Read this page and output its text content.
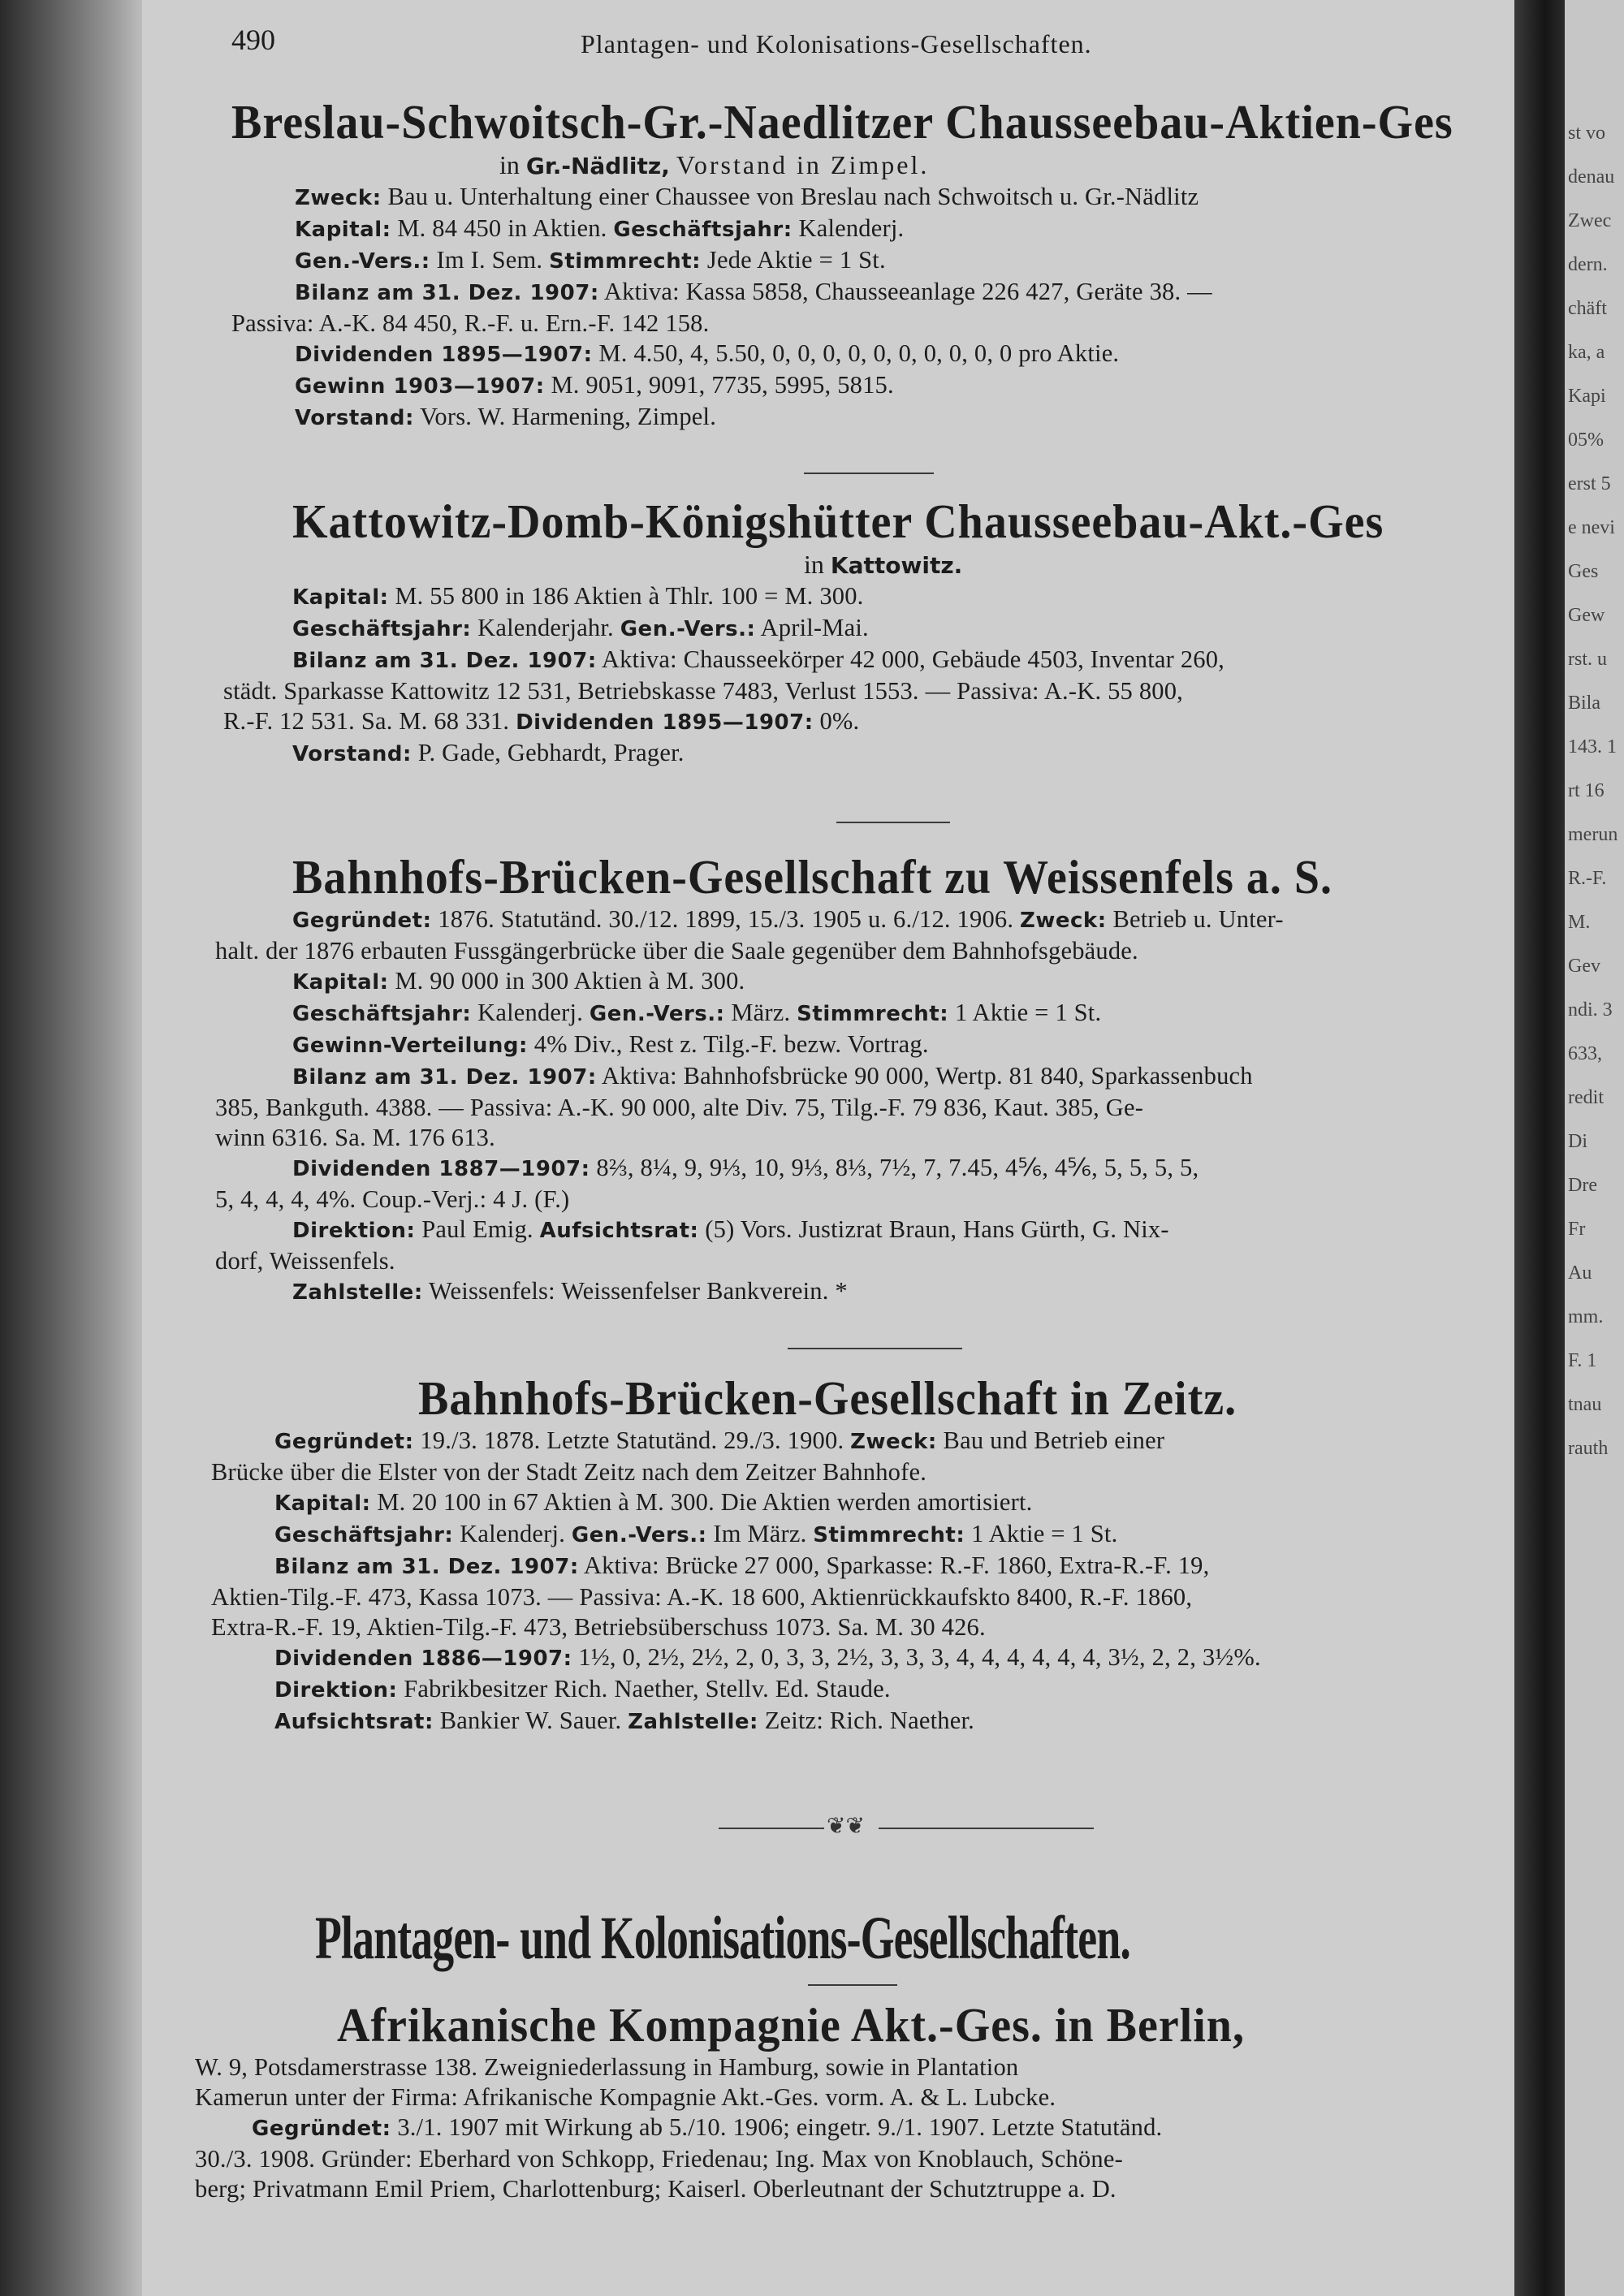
st vo
denau
Zwec
dern.
chäft
ka, a
Kapi
05%
erst 5
e nevi
Ges
Gew
rst. u
Bila
143. 1
rt 16
merun
R.-F.
M.
Gev
ndi. 3
633,
redit
Di
Dre
Fr
Au
mm.
F. 1
tnau
rauth
490	Plantagen- und Kolonisations-Gesellschaften.
Breslau-Schwoitsch-Gr.-Naedlitzer Chausseebau-Aktien-Ges
in Gr.-Nädlitz, Vorstand in Zimpel.
Zweck: Bau u. Unterhaltung einer Chaussee von Breslau nach Schwoitsch u. Gr.-Nädlitz
Kapital: M. 84 450 in Aktien. Geschäftsjahr: Kalenderj.
Gen.-Vers.: Im I. Sem. Stimmrecht: Jede Aktie = 1 St.
Bilanz am 31. Dez. 1907: Aktiva: Kassa 5858, Chausseeanlage 226 427, Geräte 38. —
Passiva: A.-K. 84 450, R.-F. u. Ern.-F. 142 158.
Dividenden 1895—1907: M. 4.50, 4, 5.50, 0, 0, 0, 0, 0, 0, 0, 0, 0, 0 pro Aktie.
Gewinn 1903—1907: M. 9051, 9091, 7735, 5995, 5815.
Vorstand: Vors. W. Harmening, Zimpel.
Kattowitz-Domb-Königshütter Chausseebau-Akt.-Ges
in Kattowitz.
Kapital: M. 55 800 in 186 Aktien à Thlr. 100 = M. 300.
Geschäftsjahr: Kalenderjahr. Gen.-Vers.: April-Mai.
Bilanz am 31. Dez. 1907: Aktiva: Chausseekörper 42 000, Gebäude 4503, Inventar 260,
städt. Sparkasse Kattowitz 12 531, Betriebskasse 7483, Verlust 1553. — Passiva: A.-K. 55 800,
R.-F. 12 531. Sa. M. 68 331. Dividenden 1895—1907: 0%.
Vorstand: P. Gade, Gebhardt, Prager.
Bahnhofs-Brücken-Gesellschaft zu Weissenfels a. S.
Gegründet: 1876. Statutänd. 30./12. 1899, 15./3. 1905 u. 6./12. 1906. Zweck: Betrieb u. Unter-
halt. der 1876 erbauten Fussgängerbrücke über die Saale gegenüber dem Bahnhofsgebäude.
Kapital: M. 90 000 in 300 Aktien à M. 300.
Geschäftsjahr: Kalenderj. Gen.-Vers.: März. Stimmrecht: 1 Aktie = 1 St.
Gewinn-Verteilung: 4% Div., Rest z. Tilg.-F. bezw. Vortrag.
Bilanz am 31. Dez. 1907: Aktiva: Bahnhofsbrücke 90 000, Wertp. 81 840, Sparkassenbuch
385, Bankguth. 4388. — Passiva: A.-K. 90 000, alte Div. 75, Tilg.-F. 79 836, Kaut. 385, Ge-
winn 6316. Sa. M. 176 613.
Dividenden 1887—1907: 8⅔, 8¼, 9, 9⅓, 10, 9⅓, 8⅓, 7½, 7, 7.45, 4⅚, 4⅚, 5, 5, 5, 5,
5, 4, 4, 4, 4%. Coup.-Verj.: 4 J. (F.)
Direktion: Paul Emig. Aufsichtsrat: (5) Vors. Justizrat Braun, Hans Gürth, G. Nix-
dorf, Weissenfels.
Zahlstelle: Weissenfels: Weissenfelser Bankverein. *
Bahnhofs-Brücken-Gesellschaft in Zeitz.
Gegründet: 19./3. 1878. Letzte Statutänd. 29./3. 1900. Zweck: Bau und Betrieb einer
Brücke über die Elster von der Stadt Zeitz nach dem Zeitzer Bahnhofe.
Kapital: M. 20 100 in 67 Aktien à M. 300. Die Aktien werden amortisiert.
Geschäftsjahr: Kalenderj. Gen.-Vers.: Im März. Stimmrecht: 1 Aktie = 1 St.
Bilanz am 31. Dez. 1907: Aktiva: Brücke 27 000, Sparkasse: R.-F. 1860, Extra-R.-F. 19,
Aktien-Tilg.-F. 473, Kassa 1073. — Passiva: A.-K. 18 600, Aktienrückkaufskto 8400, R.-F. 1860,
Extra-R.-F. 19, Aktien-Tilg.-F. 473, Betriebsüberschuss 1073. Sa. M. 30 426.
Dividenden 1886—1907: 1½, 0, 2½, 2½, 2, 0, 3, 3, 2½, 3, 3, 3, 4, 4, 4, 4, 4, 4, 3½, 2, 2, 3½%.
Direktion: Fabrikbesitzer Rich. Naether, Stellv. Ed. Staude.
Aufsichtsrat: Bankier W. Sauer. Zahlstelle: Zeitz: Rich. Naether.
❦❦
Plantagen- und Kolonisations-Gesellschaften.
Afrikanische Kompagnie Akt.-Ges. in Berlin,
W. 9, Potsdamerstrasse 138. Zweigniederlassung in Hamburg, sowie in Plantation
Kamerun unter der Firma: Afrikanische Kompagnie Akt.-Ges. vorm. A. & L. Lubcke.
Gegründet: 3./1. 1907 mit Wirkung ab 5./10. 1906; eingetr. 9./1. 1907. Letzte Statutänd.
30./3. 1908. Gründer: Eberhard von Schkopp, Friedenau; Ing. Max von Knoblauch, Schöne-
berg; Privatmann Emil Priem, Charlottenburg; Kaiserl. Oberleutnant der Schutztruppe a. D.
